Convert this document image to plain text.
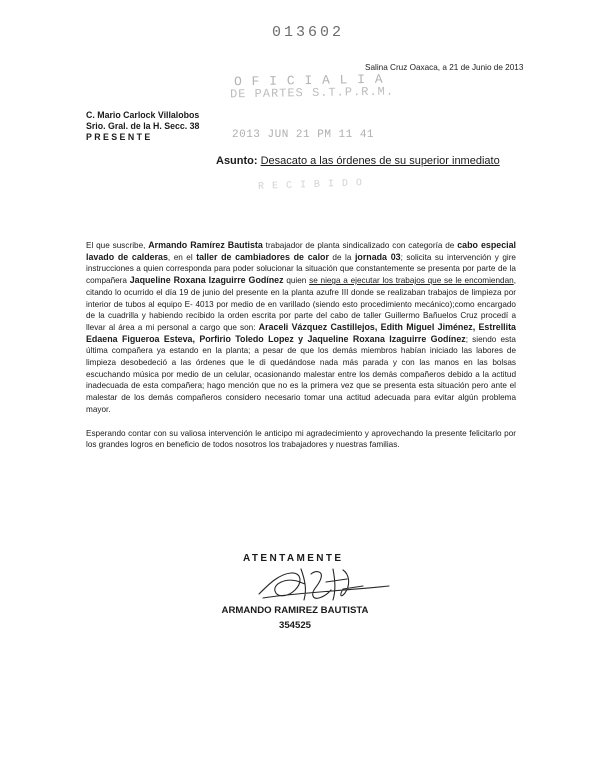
013602
Salina Cruz Oaxaca, a 21 de Junio de 2013
O F I C I A L I A
DE PARTES S.T.P.R.M.
2013 JUN 21 PM 11 41
R E C I B I D O
C. Mario Carlock Villalobos
Srio. Gral. de la H. Secc. 38
PRESENTE
Asunto: Desacato a las órdenes de su superior inmediato

El que suscribe, Armando Ramírez Bautista trabajador de planta sindicalizado con categoría de cabo especial lavado de calderas, en el taller de cambiadores de calor de la jornada 03; solicita su intervención y gire instrucciones a quien corresponda para poder solucionar la situación que constantemente se presenta por parte de la compañera Jaqueline Roxana Izaguirre Godínez quien se niega a ejecutar los trabajos que se le encomiendan, citando lo ocurrido el día 19 de junio del presente en la planta azufre III donde se realizaban trabajos de limpieza por interior de tubos al equipo E- 4013 por medio de en varillado (siendo esto procedimiento mecánico);como encargado de la cuadrilla y habiendo recibido la orden escrita por parte del cabo de taller Guillermo Bañuelos Cruz procedí a llevar al área a mi personal a cargo que son: Araceli Vázquez Castillejos, Edith Miguel Jiménez, Estrellita Edaena Figueroa Esteva, Porfirio Toledo Lopez y Jaqueline Roxana Izaguirre Godínez; siendo esta última compañera ya estando en la planta; a pesar de que los demás miembros habían iniciado las labores de limpieza desobedeció a las órdenes que le di quedándose nada más parada y con las manos en las bolsas escuchando música por medio de un celular, ocasionando malestar entre los demás compañeros debido a la actitud inadecuada de esta compañera; hago mención que no es la primera vez que se presenta esta situación pero ante el malestar de los demás compañeros considero necesario tomar una actitud adecuada para evitar algún problema mayor.

Esperando contar con su valiosa intervención le anticipo mi agradecimiento y aprovechando la presente felicitarlo por los grandes logros en beneficio de todos nosotros los trabajadores y nuestras familias.

ATENTAMENTE
ARMANDO RAMIREZ BAUTISTA
354525
